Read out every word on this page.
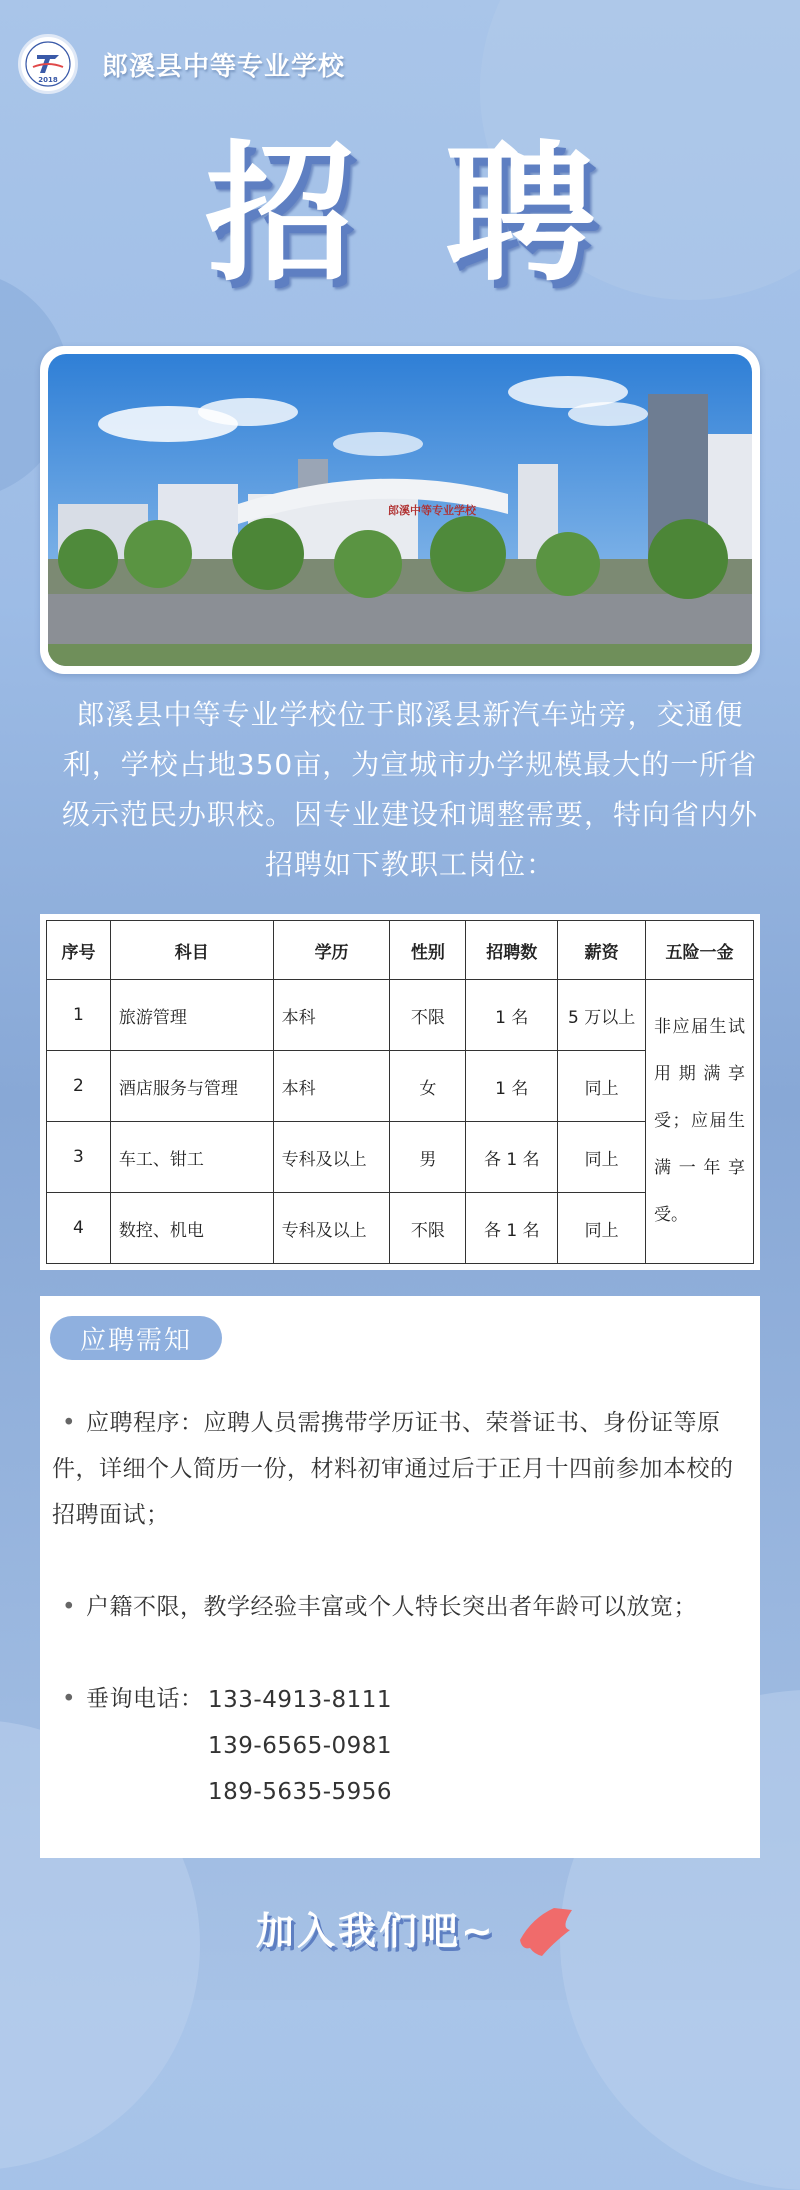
2018 郎溪县中等专业学校
招聘
郎溪中等专业学校
郎溪县中等专业学校位于郎溪县新汽车站旁，交通便利，学校占地350亩，为宣城市办学规模最大的一所省级示范民办职校。因专业建设和调整需要，特向省内外招聘如下教职工岗位：
序号	科目	学历	性别	招聘数	薪资	五险一金
1	旅游管理	本科	不限	1 名	5 万以上	非应届生试用期满享受；应届生满一年享受。
2	酒店服务与管理	本科	女	1 名	同上	
3	车工、钳工	专科及以上	男	各 1 名	同上	
4	数控、机电	专科及以上	不限	各 1 名	同上	
应聘需知
• 应聘程序：应聘人员需携带学历证书、荣誉证书、身份证等原件，详细个人简历一份，材料初审通过后于正月十四前参加本校的招聘面试；
• 户籍不限，教学经验丰富或个人特长突出者年龄可以放宽；
• 垂询电话： 133-4913-8111
139-6565-0981
189-5635-5956
加入我们吧~
